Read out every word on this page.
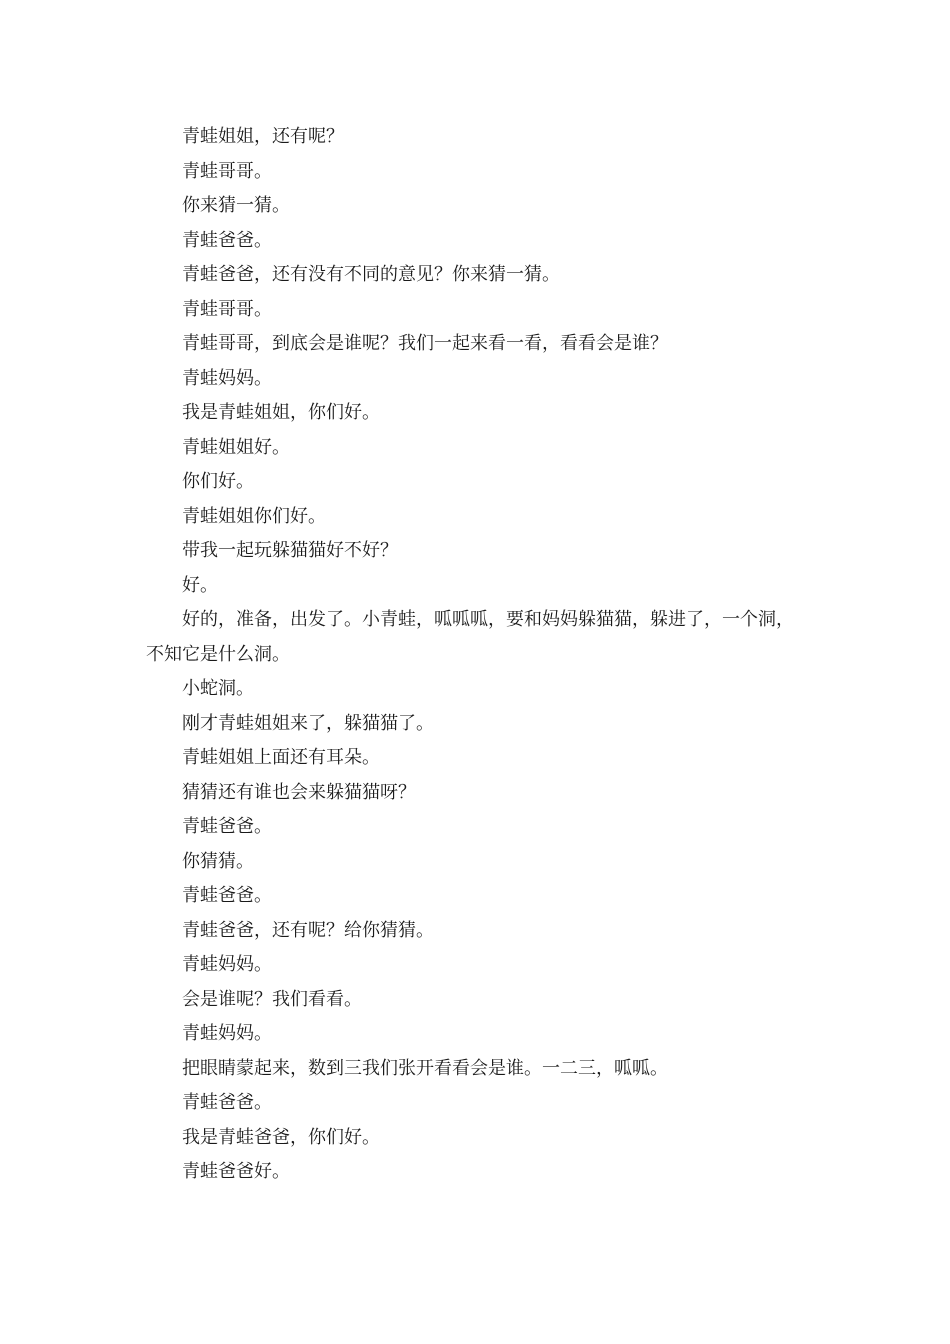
青蛙姐姐，还有呢？

青蛙哥哥。

你来猜一猜。

青蛙爸爸。

青蛙爸爸，还有没有不同的意见？你来猜一猜。

青蛙哥哥。

青蛙哥哥，到底会是谁呢？我们一起来看一看，看看会是谁？

青蛙妈妈。

我是青蛙姐姐，你们好。

青蛙姐姐好。

你们好。

青蛙姐姐你们好。

带我一起玩躲猫猫好不好？

好。

好的，准备，出发了。小青蛙，呱呱呱，要和妈妈躲猫猫，躲进了，一个洞，不知它是什么洞。

小蛇洞。

刚才青蛙姐姐来了，躲猫猫了。

青蛙姐姐上面还有耳朵。

猜猜还有谁也会来躲猫猫呀？

青蛙爸爸。

你猜猜。

青蛙爸爸。

青蛙爸爸，还有呢？给你猜猜。

青蛙妈妈。

会是谁呢？我们看看。

青蛙妈妈。

把眼睛蒙起来，数到三我们张开看看会是谁。一二三，呱呱。

青蛙爸爸。

我是青蛙爸爸，你们好。

青蛙爸爸好。
